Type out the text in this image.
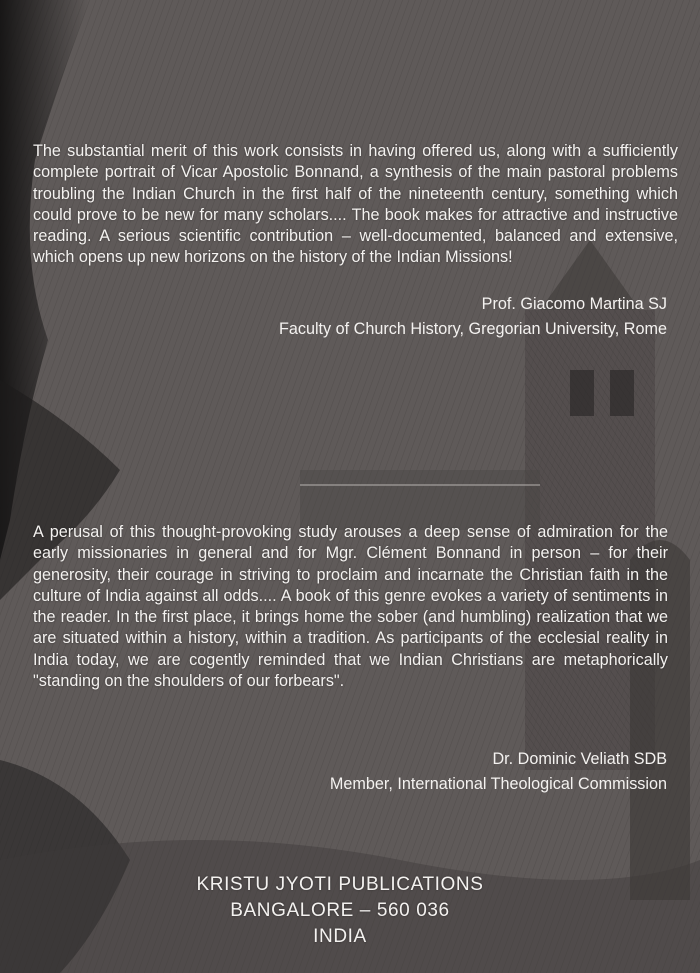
The substantial merit of this work consists in having offered us, along with a sufficiently complete portrait of Vicar Apostolic Bonnand, a synthesis of the main pastoral problems troubling the Indian Church in the first half of the nineteenth century, something which could prove to be new for many scholars.... The book makes for attractive and instructive reading. A serious scientific contribution – well-documented, balanced and extensive, which opens up new horizons on the history of the Indian Missions!

Prof. Giacomo Martina SJ
Faculty of Church History, Gregorian University, Rome

A perusal of this thought-provoking study arouses a deep sense of admiration for the early missionaries in general and for Mgr. Clément Bonnand in person – for their generosity, their courage in striving to proclaim and incarnate the Christian faith in the culture of India against all odds.... A book of this genre evokes a variety of sentiments in the reader. In the first place, it brings home the sober (and humbling) realization that we are situated within a history, within a tradition. As participants of the ecclesial reality in India today, we are cogently reminded that we Indian Christians are metaphorically "standing on the shoulders of our forbears".

Dr. Dominic Veliath SDB
Member, International Theological Commission
KRISTU JYOTI PUBLICATIONS
BANGALORE – 560 036
INDIA
